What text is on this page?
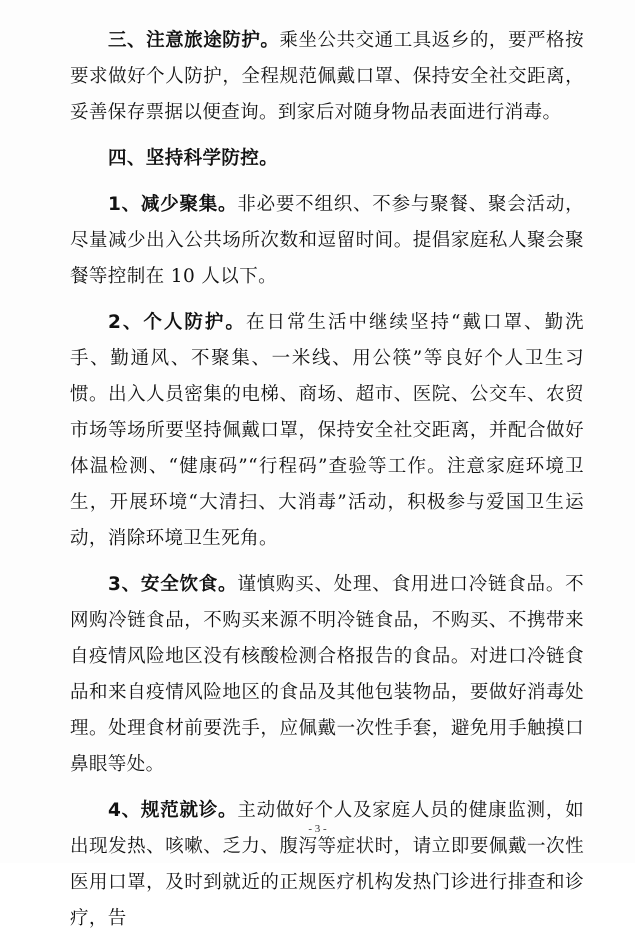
三、注意旅途防护。乘坐公共交通工具返乡的，要严格按要求做好个人防护，全程规范佩戴口罩、保持安全社交距离，妥善保存票据以便查询。到家后对随身物品表面进行消毒。

四、坚持科学防控。

1、减少聚集。非必要不组织、不参与聚餐、聚会活动，尽量减少出入公共场所次数和逗留时间。提倡家庭私人聚会聚餐等控制在 10 人以下。

2、个人防护。在日常生活中继续坚持“戴口罩、勤洗手、勤通风、不聚集、一米线、用公筷”等良好个人卫生习惯。出入人员密集的电梯、商场、超市、医院、公交车、农贸市场等场所要坚持佩戴口罩，保持安全社交距离，并配合做好体温检测、“健康码”“行程码”查验等工作。注意家庭环境卫生，开展环境“大清扫、大消毒”活动，积极参与爱国卫生运动，消除环境卫生死角。

3、安全饮食。谨慎购买、处理、食用进口冷链食品。不网购冷链食品，不购买来源不明冷链食品，不购买、不携带来自疫情风险地区没有核酸检测合格报告的食品。对进口冷链食品和来自疫情风险地区的食品及其他包装物品，要做好消毒处理。处理食材前要洗手，应佩戴一次性手套，避免用手触摸口鼻眼等处。

4、规范就诊。主动做好个人及家庭人员的健康监测，如出现发热、咳嗽、乏力、腹泻等症状时，请立即要佩戴一次性医用口罩，及时到就近的正规医疗机构发热门诊进行排查和诊疗，告

- 3 -
